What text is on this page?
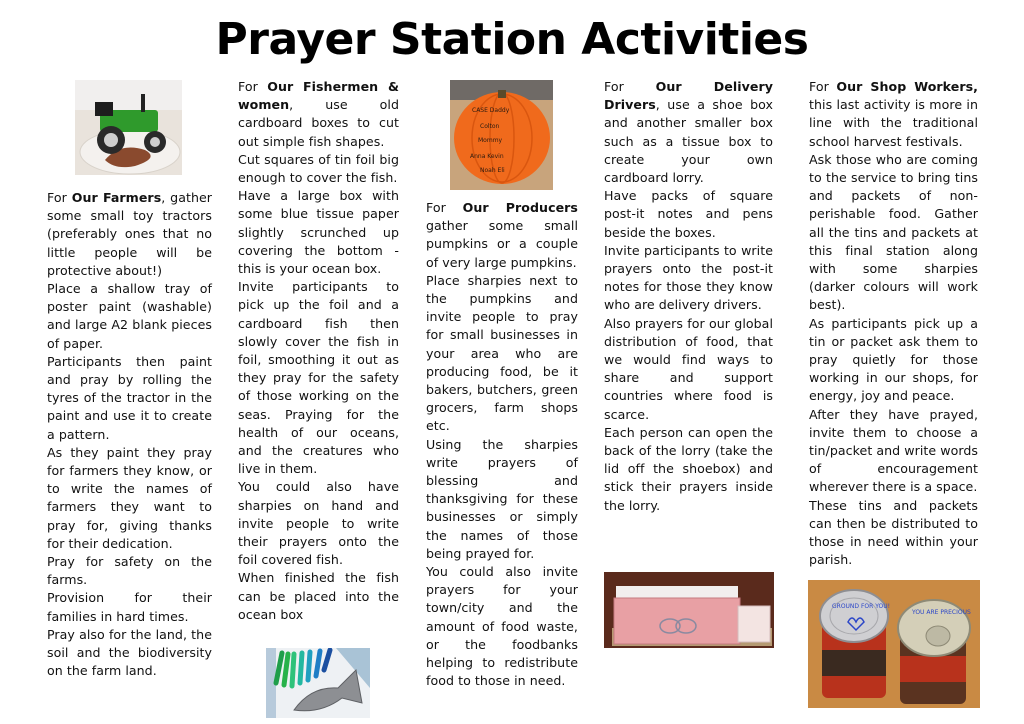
Prayer Station Activities

For Our Farmers, gather some small toy tractors (preferably ones that no little people will be protective about!)

Place a shallow tray of poster paint (washable) and large A2 blank pieces of paper.

Participants then paint and pray by rolling the tyres of the tractor in the paint and use it to create a pattern.

As they paint they pray for farmers they know, or to write the names of farmers they want to pray for, giving thanks for their dedication.

Pray for safety on the farms.

Provision for their families in hard times.

Pray also for the land, the soil and the biodiversity on the farm land.

For Our Fishermen & women, use old cardboard boxes to cut out simple fish shapes.

Cut squares of tin foil big enough to cover the fish.

Have a large box with some blue tissue paper slightly scrunched up covering the bottom - this is your ocean box.

Invite participants to pick up the foil and a cardboard fish then slowly cover the fish in foil, smoothing it out as they pray for the safety of those working on the seas. Praying for the health of our oceans, and the creatures who live in them.

You could also have sharpies on hand and invite people to write their prayers onto the foil covered fish.

When finished the fish can be placed into the ocean box

CASE Daddy
Colton
Mommy
Anna Kevin
Noah Eli

For Our Producers gather some small pumpkins or a couple of very large pumpkins.

Place sharpies next to the pumpkins and invite people to pray for small businesses in your area who are producing food, be it bakers, butchers, green grocers, farm shops etc.

Using the sharpies write prayers of blessing and thanksgiving for these businesses or simply the names of those being prayed for.

You could also invite prayers for your town/city and the amount of food waste, or the foodbanks helping to redistribute food to those in need.

For Our Delivery Drivers, use a shoe box and another smaller box such as a tissue box to create your own cardboard lorry.

Have packs of square post-it notes and pens beside the boxes.

Invite participants to write prayers onto the post-it notes for those they know who are delivery drivers.

Also prayers for our global distribution of food, that we would find ways to share and support countries where food is scarce.

Each person can open the back of the lorry (take the lid off the shoebox) and stick their prayers inside the lorry.

For Our Shop Workers, this last activity is more in line with the traditional school harvest festivals.

Ask those who are coming to the service to bring tins and packets of non-perishable food. Gather all the tins and packets at this final station along with some sharpies (darker colours will work best).

As participants pick up a tin or packet ask them to pray quietly for those working in our shops, for energy, joy and peace.

After they have prayed, invite them to choose a tin/packet and write words of encouragement wherever there is a space.

These tins and packets can then be distributed to those in need within your parish.

YOU ARE PRECIOUS
GROUND FOR YOU!
